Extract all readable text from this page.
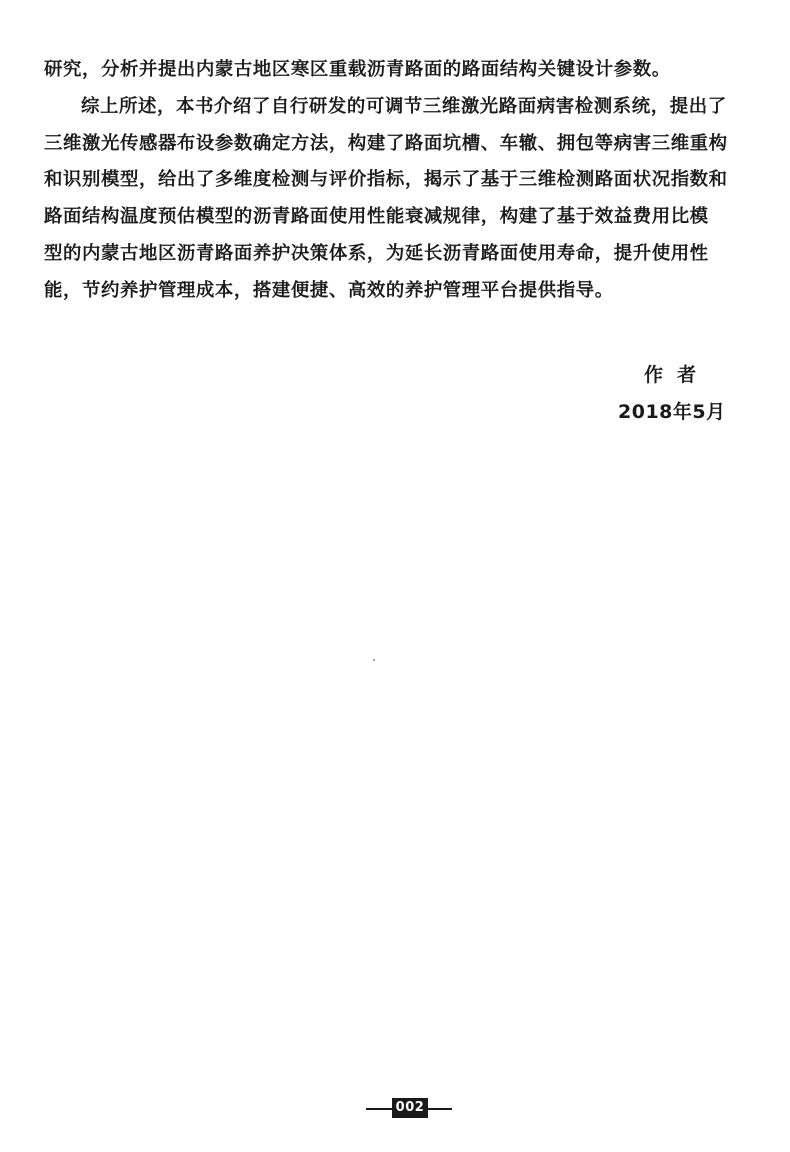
研究，分析并提出内蒙古地区寒区重载沥青路面的路面结构关键设计参数。
综上所述，本书介绍了自行研发的可调节三维激光路面病害检测系统，提出了
三维激光传感器布设参数确定方法，构建了路面坑槽、车辙、拥包等病害三维重构
和识别模型，给出了多维度检测与评价指标，揭示了基于三维检测路面状况指数和
路面结构温度预估模型的沥青路面使用性能衰减规律，构建了基于效益费用比模
型的内蒙古地区沥青路面养护决策体系，为延长沥青路面使用寿命，提升使用性
能，节约养护管理成本，搭建便捷、高效的养护管理平台提供指导。
作者
2018年5月
002
